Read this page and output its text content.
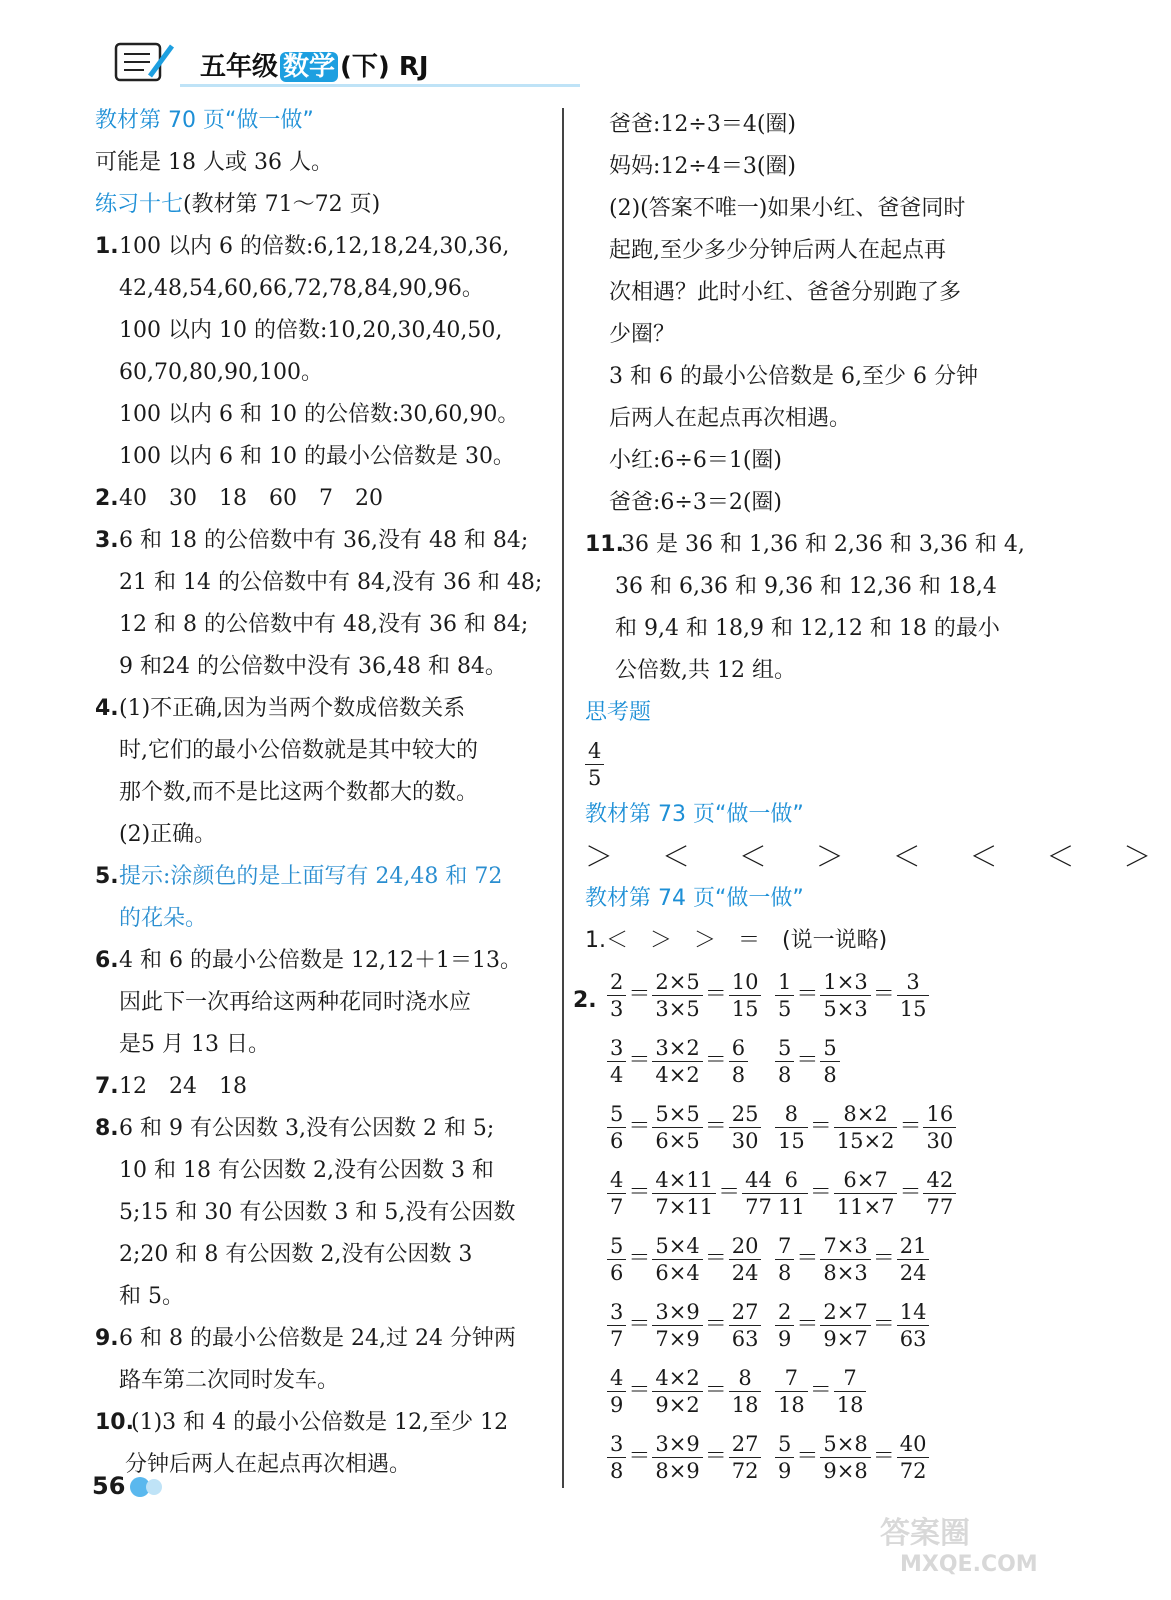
五年级 数学 (下) RJ
教材第 70 页“做一做”
可能是 18 人或 36 人。
练习十七(教材第 71～72 页)
1.100 以内 6 的倍数:6,12,18,24,30,36,
42,48,54,60,66,72,78,84,90,96。
100 以内 10 的倍数:10,20,30,40,50,
60,70,80,90,100。
100 以内 6 和 10 的公倍数:30,60,90。
100 以内 6 和 10 的最小公倍数是 30。
2.40　30　18　60　7　20
3.6 和 18 的公倍数中有 36,没有 48 和 84;
21 和 14 的公倍数中有 84,没有 36 和 48;
12 和 8 的公倍数中有 48,没有 36 和 84;
9 和24 的公倍数中没有 36,48 和 84。
4.(1)不正确,因为当两个数成倍数关系
时,它们的最小公倍数就是其中较大的
那个数,而不是比这两个数都大的数。
(2)正确。
5.提示:涂颜色的是上面写有 24,48 和 72
的花朵。
6.4 和 6 的最小公倍数是 12,12＋1＝13。
因此下一次再给这两种花同时浇水应
是5 月 13 日。
7.12　24　18
8.6 和 9 有公因数 3,没有公因数 2 和 5;
10 和 18 有公因数 2,没有公因数 3 和
5;15 和 30 有公因数 3 和 5,没有公因数
2;20 和 8 有公因数 2,没有公因数 3
和 5。
9.6 和 8 的最小公倍数是 24,过 24 分钟两
路车第二次同时发车。
10.(1)3 和 4 的最小公倍数是 12,至少 12
分钟后两人在起点再次相遇。
爸爸:12÷3＝4(圈)
妈妈:12÷4＝3(圈)
(2)(答案不唯一)如果小红、爸爸同时
起跑,至少多少分钟后两人在起点再
次相遇？此时小红、爸爸分别跑了多
少圈？
3 和 6 的最小公倍数是 6,至少 6 分钟
后两人在起点再次相遇。
小红:6÷6＝1(圈)
爸爸:6÷3＝2(圈)
11.36 是 36 和 1,36 和 2,36 和 3,36 和 4,
36 和 6,36 和 9,36 和 12,36 和 18,4
和 9,4 和 18,9 和 12,12 和 18 的最小
公倍数,共 12 组。
思考题
$\frac{4}{5}$
教材第 73 页“做一做”
＞ ＜ ＜ ＞ ＜ ＜ ＜ ＞
教材第 74 页“做一做”
1.＜　＞　＞　＝　(说一说略)
2. $\frac{2}{3} = \frac{2\times 5}{3\times 5} = \frac{10}{15} \frac{1}{5} = \frac{1\times 3}{5\times 3} = \frac{3}{15}$
$\frac{3}{4} = \frac{3\times 2}{4\times 2} = \frac{6}{8} \frac{5}{8} = \frac{5}{8}$
$\frac{5}{6} = \frac{5\times 5}{6\times 5} = \frac{25}{30} \frac{8}{15} = \frac{8\times 2}{15\times 2} = \frac{16}{30}$
$\frac{4}{7} = \frac{4\times 11}{7\times 11} = \frac{44}{77} \frac{6}{11} = \frac{6\times 7}{11\times 7} = \frac{42}{77}$
$\frac{5}{6} = \frac{5\times 4}{6\times 4} = \frac{20}{24} \frac{7}{8} = \frac{7\times 3}{8\times 3} = \frac{21}{24}$
$\frac{3}{7} = \frac{3\times 9}{7\times 9} = \frac{27}{63} \frac{2}{9} = \frac{2\times 7}{9\times 7} = \frac{14}{63}$
$\frac{4}{9} = \frac{4\times 2}{9\times 2} = \frac{8}{18} \frac{7}{18} = \frac{7}{18}$
$\frac{3}{8} = \frac{3\times 9}{8\times 9} = \frac{27}{72} \frac{5}{9} = \frac{5\times 8}{9\times 8} = \frac{40}{72}$
56
答案圈
MXQE.COM
